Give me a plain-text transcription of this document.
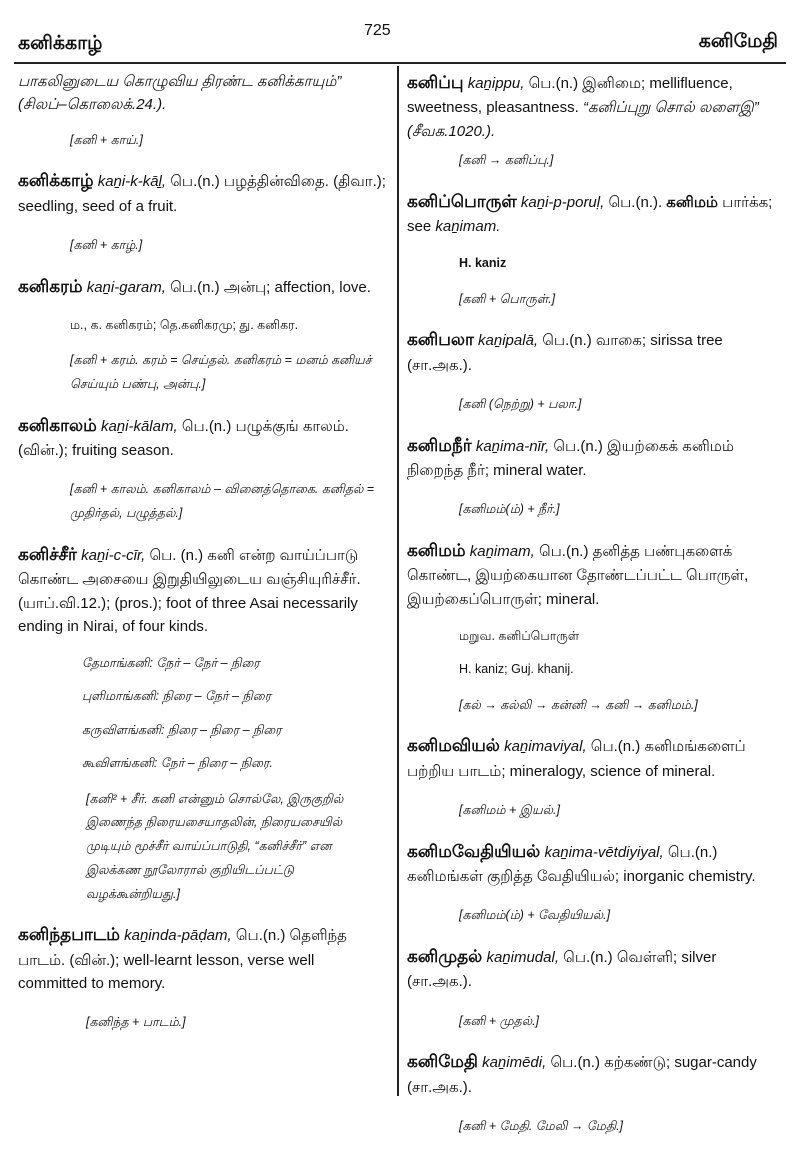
கனிக்காழ்
725	கனிமேதி

பாகலினுடைய கொழுவிய திரண்ட கனிக்காயும்” (சிலப்–கொலைக்.24.).

[கனி + காய்.]

கனிக்காழ் kaṉi-k-kāḻ, பெ.(n.) பழத்தின்விதை. (திவா.); seedling, seed of a fruit.

[கனி + காழ்.]

கனிகரம் kaṉi-garam, பெ.(n.) அன்பு; affection, love.
ம., க. கனிகரம்; தெ.கனிகரமு; து. கனிகர.

[கனி + கரம். கரம் = செய்தல். கனிகரம் = மனம் கனியச் செய்யும் பண்பு, அன்பு.]

கனிகாலம் kaṉi-kālam, பெ.(n.) பழுக்குங் காலம். (வின்.); fruiting season.

[கனி + காலம். கனிகாலம் – வினைத்தொகை. கனிதல் = முதிர்தல், பழுத்தல்.]

கனிச்சீர் kaṉi-c-cīr, பெ. (n.) கனி என்ற வாய்ப்பாடு கொண்ட அசையை இறுதியிலுடைய வஞ்சியுரிச்சீர். (யாப்.வி.12.); (pros.); foot of three Asai necessarily ending in Nirai, of four kinds.
தேமாங்கனி: நேர் – நேர் – நிரை
புளிமாங்கனி: நிரை – நேர் – நிரை
கருவிளங்கனி: நிரை – நிரை – நிரை
கூவிளங்கனி: நேர் – நிரை – நிரை.

[கனி² + சீர். கனி என்னும் சொல்லே, இருகுறில் இணைந்த நிரையசையாதலின், நிரையசையில் முடியும் மூச்சீர் வாய்ப்பாடுதி, “கனிச்சீர்” என இலக்கண நூலோரால் குறியிடப்பட்டு வழக்கூன்றியது.]

கனிந்தபாடம் kaṉinda-pāḍam, பெ.(n.) தெளிந்த பாடம். (வின்.); well-learnt lesson, verse well committed to memory.

[கனிந்த + பாடம்.]

கனிப்பு kaṉippu, பெ.(n.) இனிமை; mellifluence, sweetness, pleasantness. “கனிப்புறு சொல் லளைஇ” (சீவக.1020.).

[கனி → கனிப்பு.]

கனிப்பொருள் kaṉi-p-poruḷ, பெ.(n.). கனிமம் பார்க்க; see kaṉimam.
H. kaniz

[கனி + பொருள்.]

கனிபலா kaṉipalā, பெ.(n.) வாகை; sirissa tree (சா.அக.).

[கனி (நெற்று) + பலா.]

கனிமநீர் kaṉima-nīr, பெ.(n.) இயற்கைக் கனிமம் நிறைந்த நீர்; mineral water.

[கனிமம்(ம்) + நீர்.]

கனிமம் kaṉimam, பெ.(n.) தனித்த பண்புகளைக் கொண்ட, இயற்கையான தோண்டப்பட்ட பொருள், இயற்கைப்பொருள்; mineral.
மறுவ. கனிப்பொருள்
H. kaniz; Guj. khanij.

[கல் → கல்லி → கன்னி → கனி → கனிமம்.]

கனிமவியல் kaṉimaviyal, பெ.(n.) கனிமங்களைப் பற்றிய பாடம்; mineralogy, science of mineral.

[கனிமம் + இயல்.]

கனிமவேதியியல் kaṉima-vētdiyiyal, பெ.(n.) கனிமங்கள் குறித்த வேதியியல்; inorganic chemistry.

[கனிமம்(ம்) + வேதியியல்.]

கனிமுதல் kaṉimudal, பெ.(n.) வெள்ளி; silver (சா.அக.).

[கனி + முதல்.]

கனிமேதி kaṉimēdi, பெ.(n.) கற்கண்டு; sugar-candy (சா.அக.).

[கனி + மேதி. மேலி → மேதி.]
